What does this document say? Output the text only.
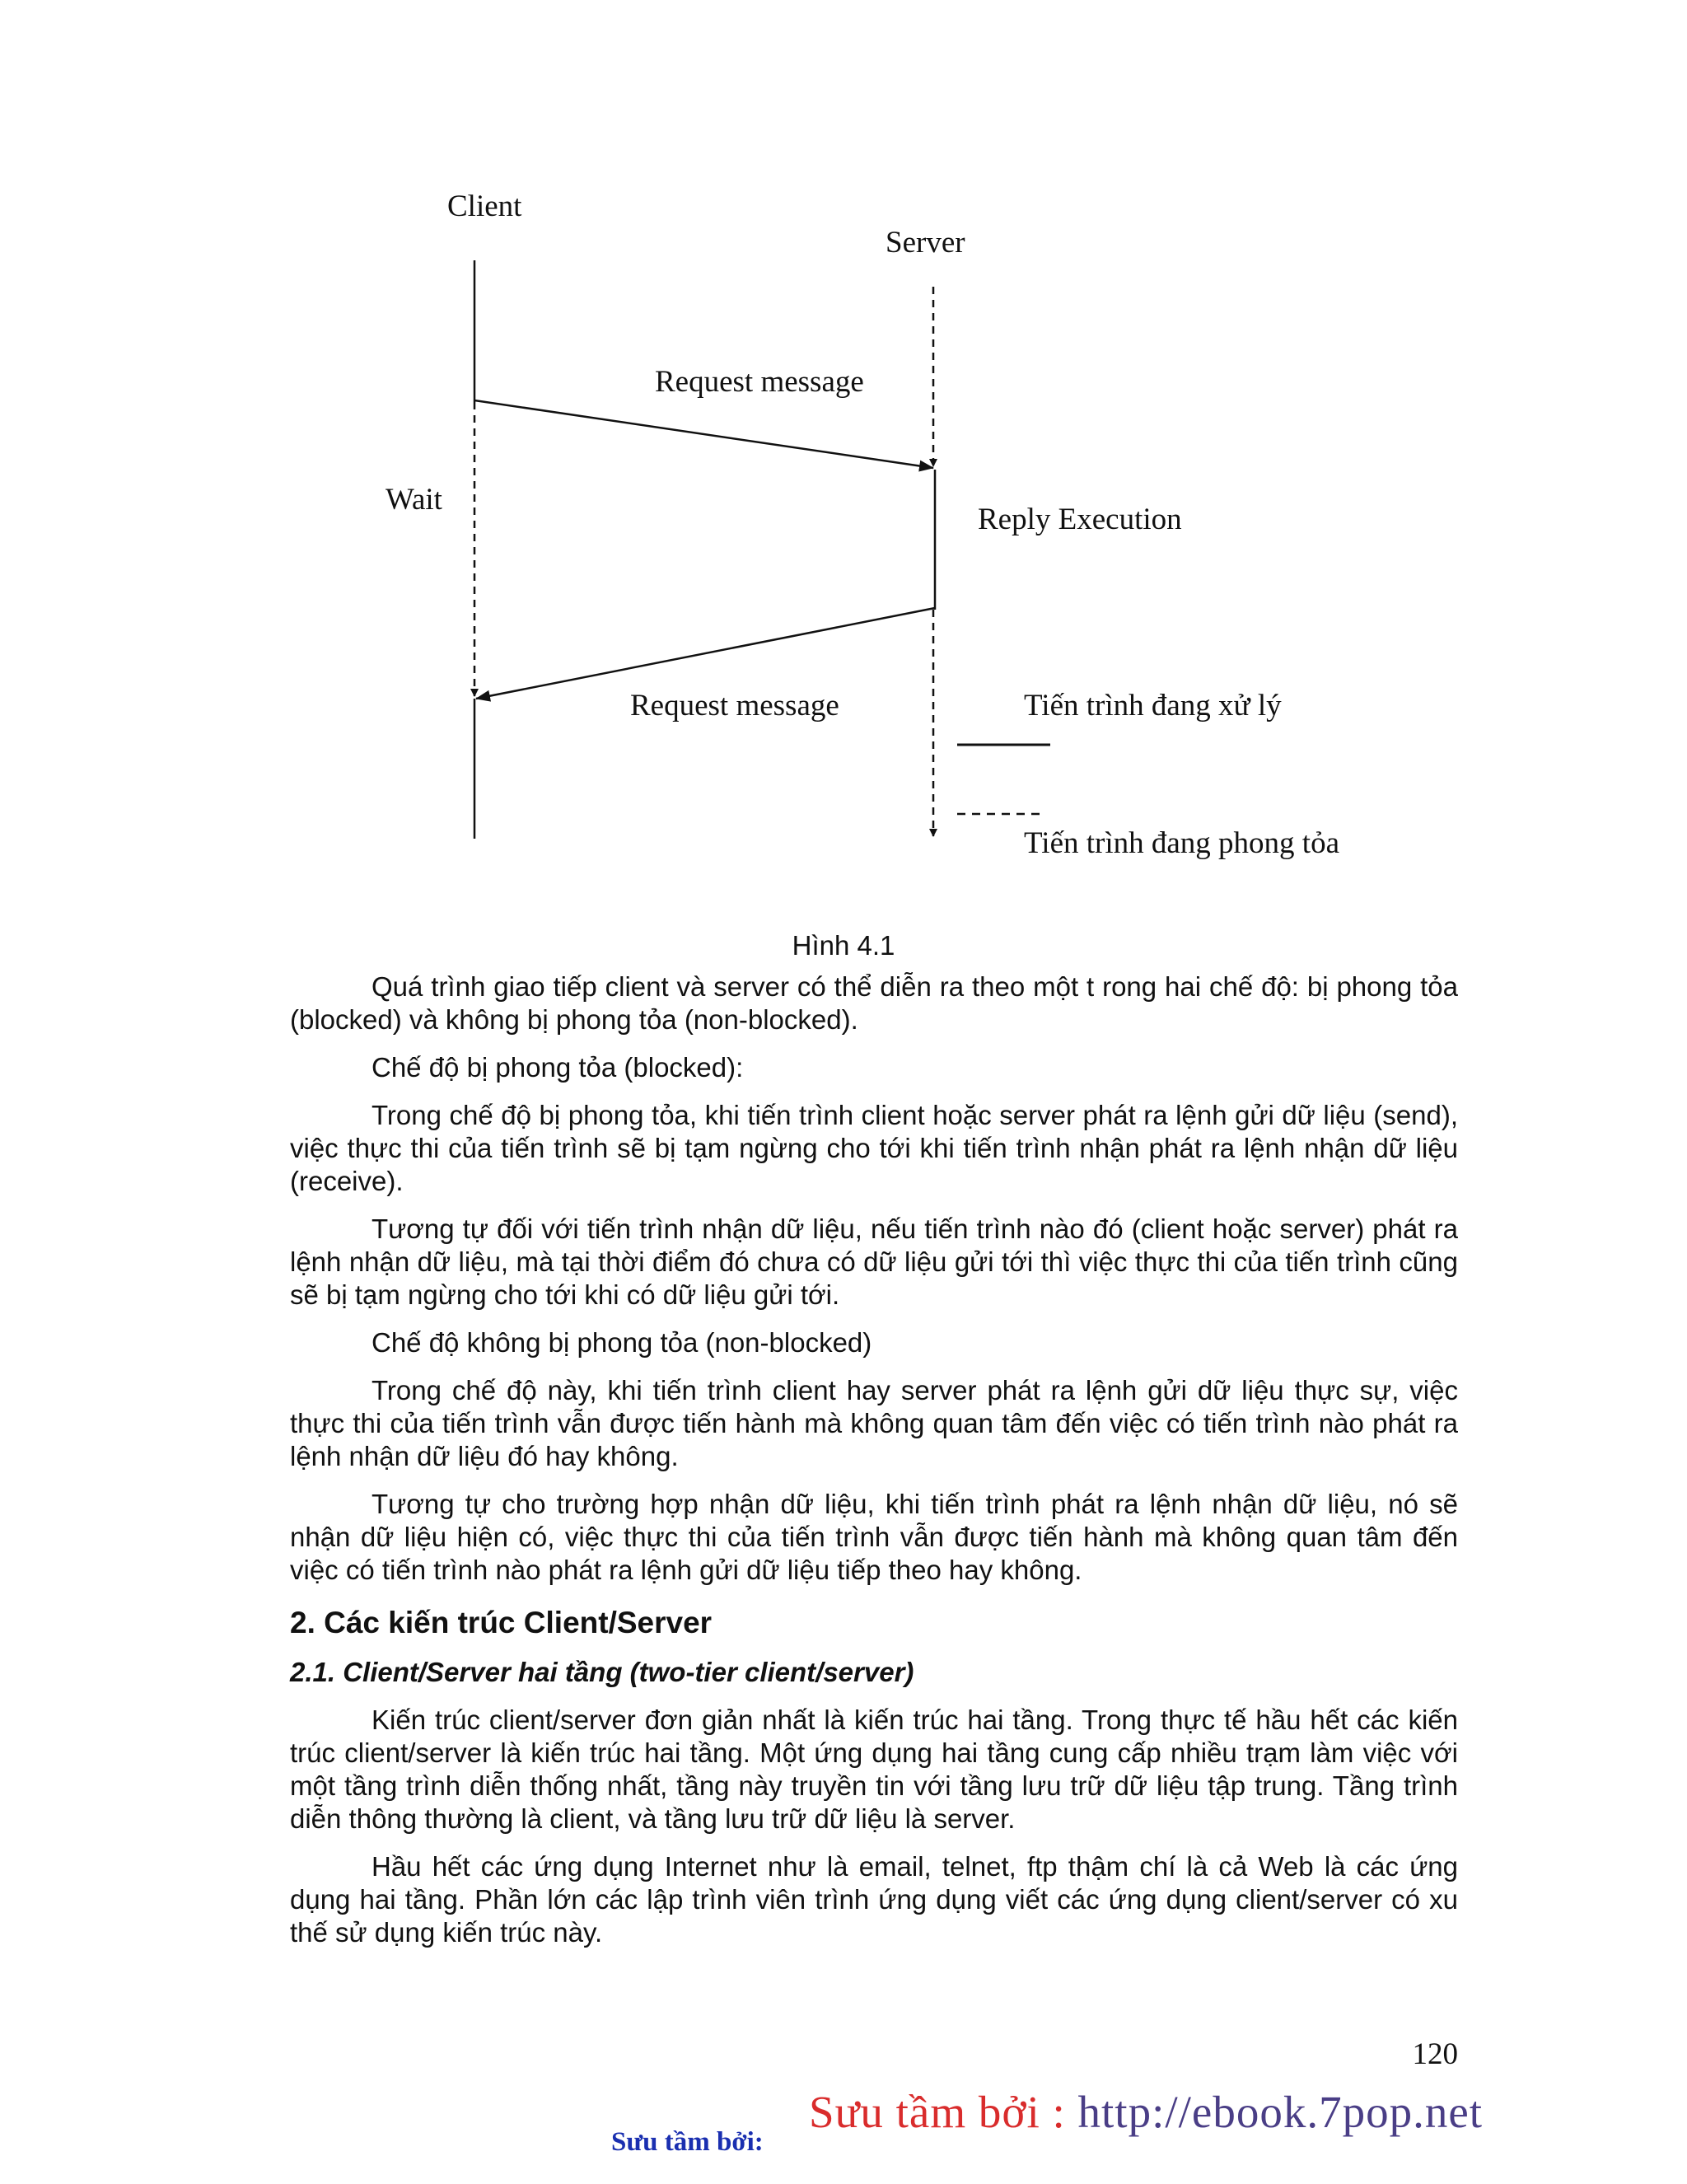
Client
Server
Request message
Wait
Reply Execution
Request message	Tiến trình đang xử lý
Tiến trình đang phong tỏa

Hình 4.1

Quá trình giao tiếp client và server có thể diễn ra theo một t rong hai chế độ: bị phong tỏa (blocked) và không bị phong tỏa (non-blocked).

Chế độ bị phong tỏa (blocked):

Trong chế độ bị phong tỏa, khi tiến trình client hoặc server phát ra lệnh gửi dữ liệu (send), việc thực thi của tiến trình sẽ bị tạm ngừng cho tới khi tiến trình nhận phát ra lệnh nhận dữ liệu (receive).

Tương tự đối với tiến trình nhận dữ liệu, nếu tiến trình nào đó (client hoặc server) phát ra lệnh nhận dữ liệu, mà tại thời điểm đó chưa có dữ liệu gửi tới thì việc thực thi của tiến trình cũng sẽ bị tạm ngừng cho tới khi có dữ liệu gửi tới.

Chế độ không bị phong tỏa (non-blocked)

Trong chế độ này, khi tiến trình client hay server phát ra lệnh gửi dữ liệu thực sự, việc thực thi của tiến trình vẫn được tiến hành mà không quan tâm đến việc có tiến trình nào phát ra lệnh nhận dữ liệu đó hay không.

Tương tự cho trường hợp nhận dữ liệu, khi tiến trình phát ra lệnh nhận dữ liệu, nó sẽ nhận dữ liệu hiện có, việc thực thi của tiến trình vẫn được tiến hành mà không quan tâm đến việc có tiến trình nào phát ra lệnh gửi dữ liệu tiếp theo hay không.

2. Các kiến trúc Client/Server
2.1. Client/Server hai tầng (two-tier client/server)

Kiến trúc client/server đơn giản nhất là kiến trúc hai tầng. Trong thực tế hầu hết các kiến trúc client/server là kiến trúc hai tầng. Một ứng dụng hai tầng cung cấp nhiều trạm làm việc với một tầng trình diễn thống nhất, tầng này truyền tin với tầng lưu trữ dữ liệu tập trung. Tầng trình diễn thông thường là client, và tầng lưu trữ dữ liệu là server.

Hầu hết các ứng dụng Internet như là email, telnet, ftp thậm chí là cả Web là các ứng dụng hai tầng. Phần lớn các lập trình viên trình ứng dụng viết các ứng dụng client/server có xu thế sử dụng kiến trúc này.

120
Sưu tầm bởi : http://ebook.7pop.net
Sưu tầm bởi:
